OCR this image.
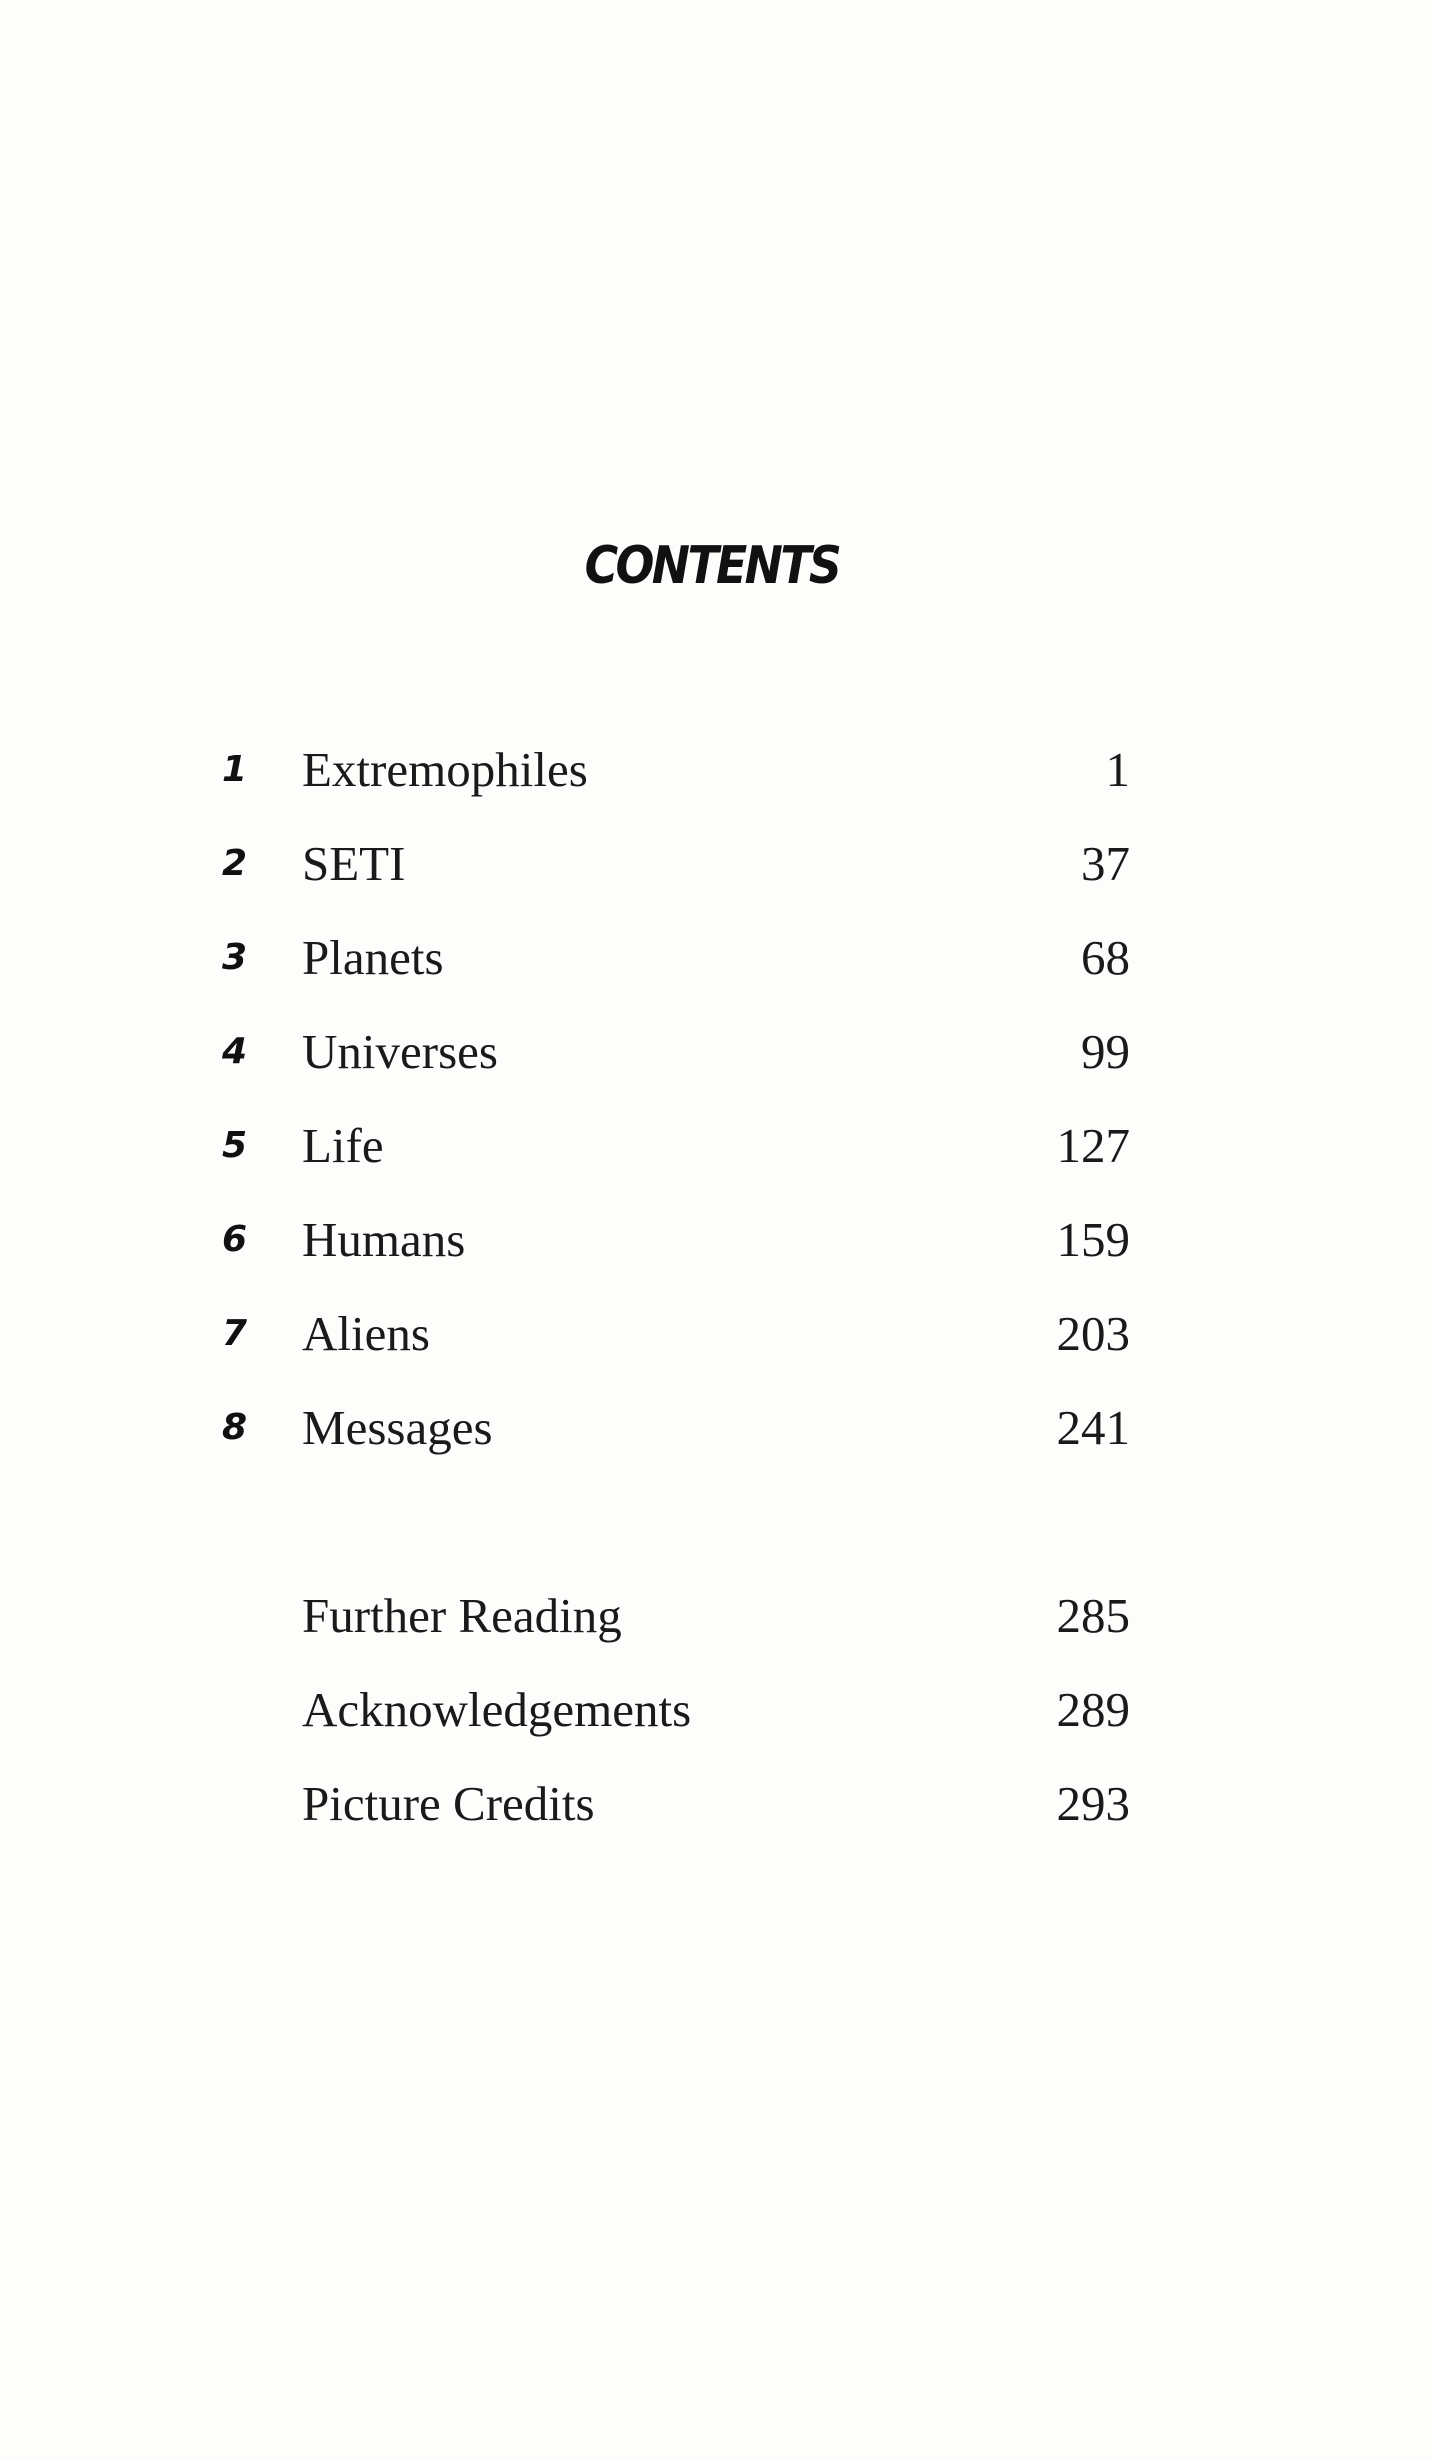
CONTENTS
1	Extremophiles	1
2	SETI	37
3	Planets	68
4	Universes	99
5	Life	127
6	Humans	159
7	Aliens	203
8	Messages	241
Further Reading	285
Acknowledgements	289
Picture Credits	293
